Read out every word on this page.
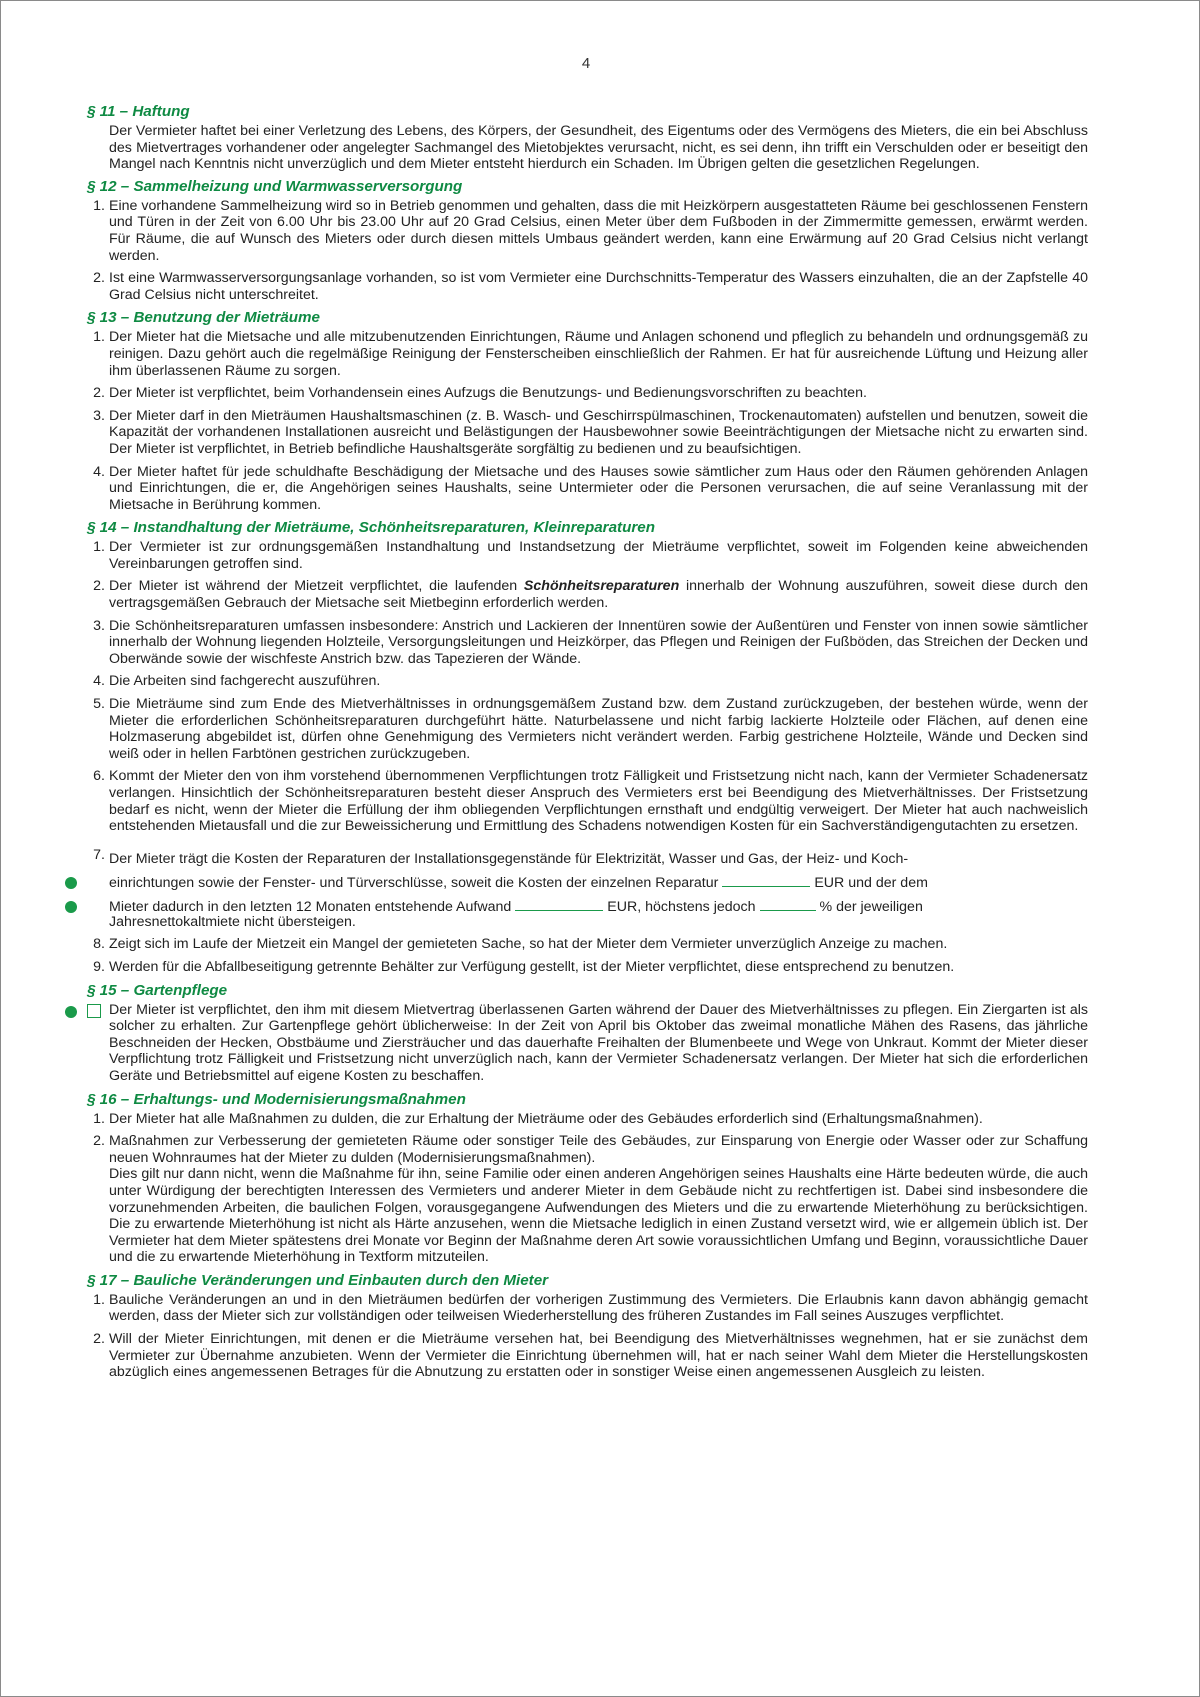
4
§ 11 – Haftung

Der Vermieter haftet bei einer Verletzung des Lebens, des Körpers, der Gesundheit, des Eigentums oder des Vermögens des Mieters, die ein bei Abschluss des Mietvertrages vorhandener oder angelegter Sachmangel des Mietobjektes verursacht, nicht, es sei denn, ihn trifft ein Verschulden oder er beseitigt den Mangel nach Kenntnis nicht unverzüglich und dem Mieter entsteht hierdurch ein Schaden. Im Übrigen gelten die gesetzlichen Regelungen.

§ 12 – Sammelheizung und Warmwasserversorgung
1 . Eine vorhandene Sammelheizung wird so in Betrieb genommen und gehalten, dass die mit Heizkörpern ausgestatteten Räume bei geschlossenen Fenstern und Türen in der Zeit von 6.00 Uhr bis 23.00 Uhr auf 20 Grad Celsius, einen Meter über dem Fußboden in der Zimmermitte gemessen, erwärmt werden. Für Räume, die auf Wunsch des Mieters oder durch diesen mittels Umbaus geändert werden, kann eine Erwärmung auf 20 Grad Celsius nicht verlangt werden.

2 . Ist eine Warmwasserversorgungsanlage vorhanden, so ist vom Vermieter eine Durchschnitts-Temperatur des Wassers einzuhalten, die an der Zapfstelle 40 Grad Celsius nicht unterschreitet.

§ 13 – Benutzung der Mieträume
1 . Der Mieter hat die Mietsache und alle mitzubenutzenden Einrichtungen, Räume und Anlagen schonend und pfleglich zu behandeln und ordnungsgemäß zu reinigen. Dazu gehört auch die regelmäßige Reinigung der Fensterscheiben einschließlich der Rahmen. Er hat für ausreichende Lüftung und Heizung aller ihm überlassenen Räume zu sorgen.

2 . Der Mieter ist verpflichtet, beim Vorhandensein eines Aufzugs die Benutzungs- und Bedienungsvorschriften zu beachten.

3 . Der Mieter darf in den Mieträumen Haushaltsmaschinen (z. B. Wasch- und Geschirrspülmaschinen, Trockenautomaten) aufstellen und benutzen, soweit die Kapazität der vorhandenen Installationen ausreicht und Belästigungen der Hausbewohner sowie Beeinträchtigungen der Mietsache nicht zu erwarten sind. Der Mieter ist verpflichtet, in Betrieb befindliche Haushaltsgeräte sorgfältig zu bedienen und zu beaufsichtigen.

4 . Der Mieter haftet für jede schuldhafte Beschädigung der Mietsache und des Hauses sowie sämtlicher zum Haus oder den Räumen gehörenden Anlagen und Einrichtungen, die er, die Angehörigen seines Haushalts, seine Untermieter oder die Personen verursachen, die auf seine Veranlassung mit der Mietsache in Berührung kommen.

§ 14 – Instandhaltung der Mieträume, Schönheitsreparaturen, Kleinreparaturen
1 . Der Vermieter ist zur ordnungsgemäßen Instandhaltung und Instandsetzung der Mieträume verpflichtet, soweit im Folgenden keine abweichenden Vereinbarungen getroffen sind.

2 . Der Mieter ist während der Mietzeit verpflichtet, die laufenden Schönheitsreparaturen innerhalb der Wohnung auszuführen, soweit diese durch den vertragsgemäßen Gebrauch der Mietsache seit Mietbeginn erforderlich werden.

3 . Die Schönheitsreparaturen umfassen insbesondere: Anstrich und Lackieren der Innentüren sowie der Außentüren und Fenster von innen sowie sämtlicher innerhalb der Wohnung liegenden Holzteile, Versorgungsleitungen und Heizkörper, das Pflegen und Reinigen der Fußböden, das Streichen der Decken und Oberwände sowie der wischfeste Anstrich bzw. das Tapezieren der Wände.

4 . Die Arbeiten sind fachgerecht auszuführen.

5 . Die Mieträume sind zum Ende des Mietverhältnisses in ordnungsgemäßem Zustand bzw. dem Zustand zurückzugeben, der bestehen würde, wenn der Mieter die erforderlichen Schönheitsreparaturen durchgeführt hätte. Naturbelassene und nicht farbig lackierte Holzteile oder Flächen, auf denen eine Holzmaserung abgebildet ist, dürfen ohne Genehmigung des Vermieters nicht verändert werden. Farbig gestrichene Holzteile, Wände und Decken sind weiß oder in hellen Farbtönen gestrichen zurückzugeben.

6 . Kommt der Mieter den von ihm vorstehend übernommenen Verpflichtungen trotz Fälligkeit und Fristsetzung nicht nach, kann der Vermieter Schadenersatz verlangen. Hinsichtlich der Schönheitsreparaturen besteht dieser Anspruch des Vermieters erst bei Beendigung des Mietverhältnisses. Der Fristsetzung bedarf es nicht, wenn der Mieter die Erfüllung der ihm obliegenden Verpflichtungen ernsthaft und endgültig verweigert. Der Mieter hat auch nachweislich entstehenden Mietausfall und die zur Beweissicherung und Ermittlung des Schadens notwendigen Kosten für ein Sachverständigengutachten zu ersetzen.

7 . Der Mieter trägt die Kosten der Reparaturen der Installationsgegenstände für Elektrizität, Wasser und Gas, der Heiz- und Koch-
einrichtungen sowie der Fenster- und Türverschlüsse, soweit die Kosten der einzelnen Reparatur	EUR und der dem
Mieter dadurch in den letzten 12 Monaten entstehende Aufwand	EUR, höchstens jedoch	% der jeweiligen
Jahresnettokaltmiete nicht übersteigen.
8 . Zeigt sich im Laufe der Mietzeit ein Mangel der gemieteten Sache, so hat der Mieter dem Vermieter unverzüglich Anzeige zu machen.

9 . Werden für die Abfallbeseitigung getrennte Behälter zur Verfügung gestellt, ist der Mieter verpflichtet, diese entsprechend zu benutzen.

§ 15 – Gartenpflege

Der Mieter ist verpflichtet, den ihm mit diesem Mietvertrag überlassenen Garten während der Dauer des Mietverhältnisses zu pflegen. Ein Ziergarten ist als solcher zu erhalten. Zur Gartenpflege gehört üblicherweise: In der Zeit von April bis Oktober das zweimal monatliche Mähen des Rasens, das jährliche Beschneiden der Hecken, Obstbäume und Ziersträucher und das dauerhafte Freihalten der Blumenbeete und Wege von Unkraut. Kommt der Mieter dieser Verpflichtung trotz Fälligkeit und Fristsetzung nicht unverzüglich nach, kann der Vermieter Schadenersatz verlangen. Der Mieter hat sich die erforderlichen Geräte und Betriebsmittel auf eigene Kosten zu beschaffen.

§ 16 – Erhaltungs- und Modernisierungsmaßnahmen
1 . Der Mieter hat alle Maßnahmen zu dulden, die zur Erhaltung der Mieträume oder des Gebäudes erforderlich sind (Erhaltungsmaßnahmen).

2 . Maßnahmen zur Verbesserung der gemieteten Räume oder sonstiger Teile des Gebäudes, zur Einsparung von Energie oder Wasser oder zur Schaffung neuen Wohnraumes hat der Mieter zu dulden (Modernisierungsmaßnahmen).

Dies gilt nur dann nicht, wenn die Maßnahme für ihn, seine Familie oder einen anderen Angehörigen seines Haushalts eine Härte bedeuten würde, die auch unter Würdigung der berechtigten Interessen des Vermieters und anderer Mieter in dem Gebäude nicht zu rechtfertigen ist. Dabei sind insbesondere die vorzunehmenden Arbeiten, die baulichen Folgen, vorausgegangene Aufwendungen des Mieters und die zu erwartende Mieterhöhung zu berücksichtigen. Die zu erwartende Mieterhöhung ist nicht als Härte anzusehen, wenn die Mietsache lediglich in einen Zustand versetzt wird, wie er allgemein üblich ist. Der Vermieter hat dem Mieter spätestens drei Monate vor Beginn der Maßnahme deren Art sowie voraussichtlichen Umfang und Beginn, voraussichtliche Dauer und die zu erwartende Mieterhöhung in Textform mitzuteilen.

§ 17 – Bauliche Veränderungen und Einbauten durch den Mieter
1 . Bauliche Veränderungen an und in den Mieträumen bedürfen der vorherigen Zustimmung des Vermieters. Die Erlaubnis kann davon abhängig gemacht werden, dass der Mieter sich zur vollständigen oder teilweisen Wiederherstellung des früheren Zustandes im Fall seines Auszuges verpflichtet.

2 . Will der Mieter Einrichtungen, mit denen er die Mieträume versehen hat, bei Beendigung des Mietverhältnisses wegnehmen, hat er sie zunächst dem Vermieter zur Übernahme anzubieten. Wenn der Vermieter die Einrichtung übernehmen will, hat er nach seiner Wahl dem Mieter die Herstellungskosten abzüglich eines angemessenen Betrages für die Abnutzung zu erstatten oder in sonstiger Weise einen angemessenen Ausgleich zu leisten.
